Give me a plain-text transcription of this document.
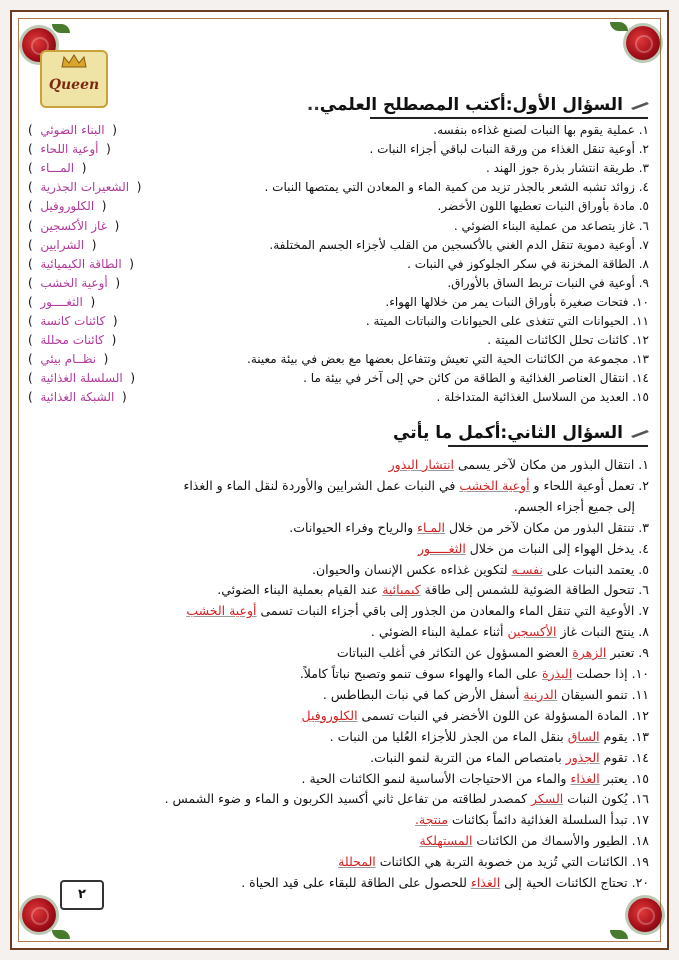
Queen
السؤال الأول:أكتب المصطلح العلمي..
١. عملية يقوم بها النبات لصنع غذاءه بنفسه.
(  البناء الضوئي  )
٢. أوعية تنقل الغذاء من ورقة النبات لباقي أجزاء النبات .
(  أوعية اللحاء  )
٣. طريقة انتشار بذرة جوز الهند .
(  المـــاء  )
٤. زوائد تشبه الشعر بالجذر تزيد من كمية الماء و المعادن التي يمتصها النبات .
(  الشعيرات الجذرية  )
٥. مادة بأوراق النبات تعطيها اللون الأخضر.
(  الكلوروفيل  )
٦. غاز يتصاعد من عملية البناء الضوئي .
(  غاز الأكسجين  )
٧. أوعية دموية تنقل الدم الغني بالأكسجين من القلب لأجزاء الجسم المختلفة.
(  الشرايين  )
٨. الطاقة المخزنة في سكر الجلوكوز في النبات .
(  الطاقة الكيميائية  )
٩. أوعية في النبات تربط الساق بالأوراق.
(  أوعية الخشب  )
١٠. فتحات صغيرة بأوراق النبات يمر من خلالها الهواء.
(  الثغــــور  )
١١. الحيوانات التي تتغذى على الحيوانات والنباتات الميتة .
(  كائنات كانسة  )
١٢. كائنات تحلل الكائنات الميتة .
(  كائنات محللة  )
١٣. مجموعة من الكائنات الحية التي تعيش وتتفاعل بعضها مع بعض في بيئة معينة.
(  نظــام بيئي  )
١٤. انتقال العناصر الغذائية و الطاقة من كائن حي إلى آخر في بيئة ما .
(  السلسلة الغذائية  )
١٥. العديد من السلاسل الغذائية المتداخلة .
(  الشبكة الغذائية  )
السؤال الثاني:أكمل ما يأتي
١. انتقال البذور من مكان لآخر يسمى انتشار البذور
٢. تعمل أوعية اللحاء و أوعية الخشب في النبات عمل الشرايين والأوردة لنقل الماء و الغذاء
إلى جميع أجزاء الجسم.
٣. تنتقل البذور من مكان لآخر من خلال المـاء والرياح وفراء الحيوانات.
٤. يدخل الهواء إلى النبات من خلال الثغـــــور
٥. يعتمد النبات على نفسـه لتكوين غذاءه عكس الإنسان والحيوان.
٦. تتحول الطاقة الضوئية للشمس إلى طاقة كيميائية عند القيام بعملية البناء الضوئي.
٧. الأوعية التي تنقل الماء والمعادن من الجذور إلى باقي أجزاء النبات تسمى أوعية الخشب
٨. ينتج النبات غاز الأكسجين أثناء عملية البناء الضوئي .
٩. تعتبر الزهرة العضو المسؤول عن التكاثر في أغلب النباتات
١٠. إذا حصلت البذرة على الماء والهواء سوف تنمو وتصبح نباتاً كاملاً.
١١. تنمو السيقان الدرنية أسفل الأرض كما في نبات البطاطس .
١٢. المادة المسؤولة عن اللون الأخضر في النبات تسمى الكلوروفيل
١٣. يقوم الساق بنقل الماء من الجذر للأجزاء العُليا من النبات .
١٤. تقوم الجذور بامتصاص الماء من التربة لنمو النبات.
١٥. يعتبر الغذاء والماء من الاحتياجات الأساسية لنمو الكائنات الحية .
١٦. يُكون النبات السكر كمصدر لطاقته من تفاعل ثاني أكسيد الكربون و الماء و ضوء الشمس .
١٧. تبدأ السلسلة الغذائية دائماً بكائنات منتجة.
١٨. الطيور والأسماك من الكائنات المستهلكة
١٩. الكائنات التي تُزيد من خصوبة التربة هي الكائنات المحللة
٢٠. تحتاج الكائنات الحية إلى الغذاء للحصول على الطاقة للبقاء على قيد الحياة .
٢
